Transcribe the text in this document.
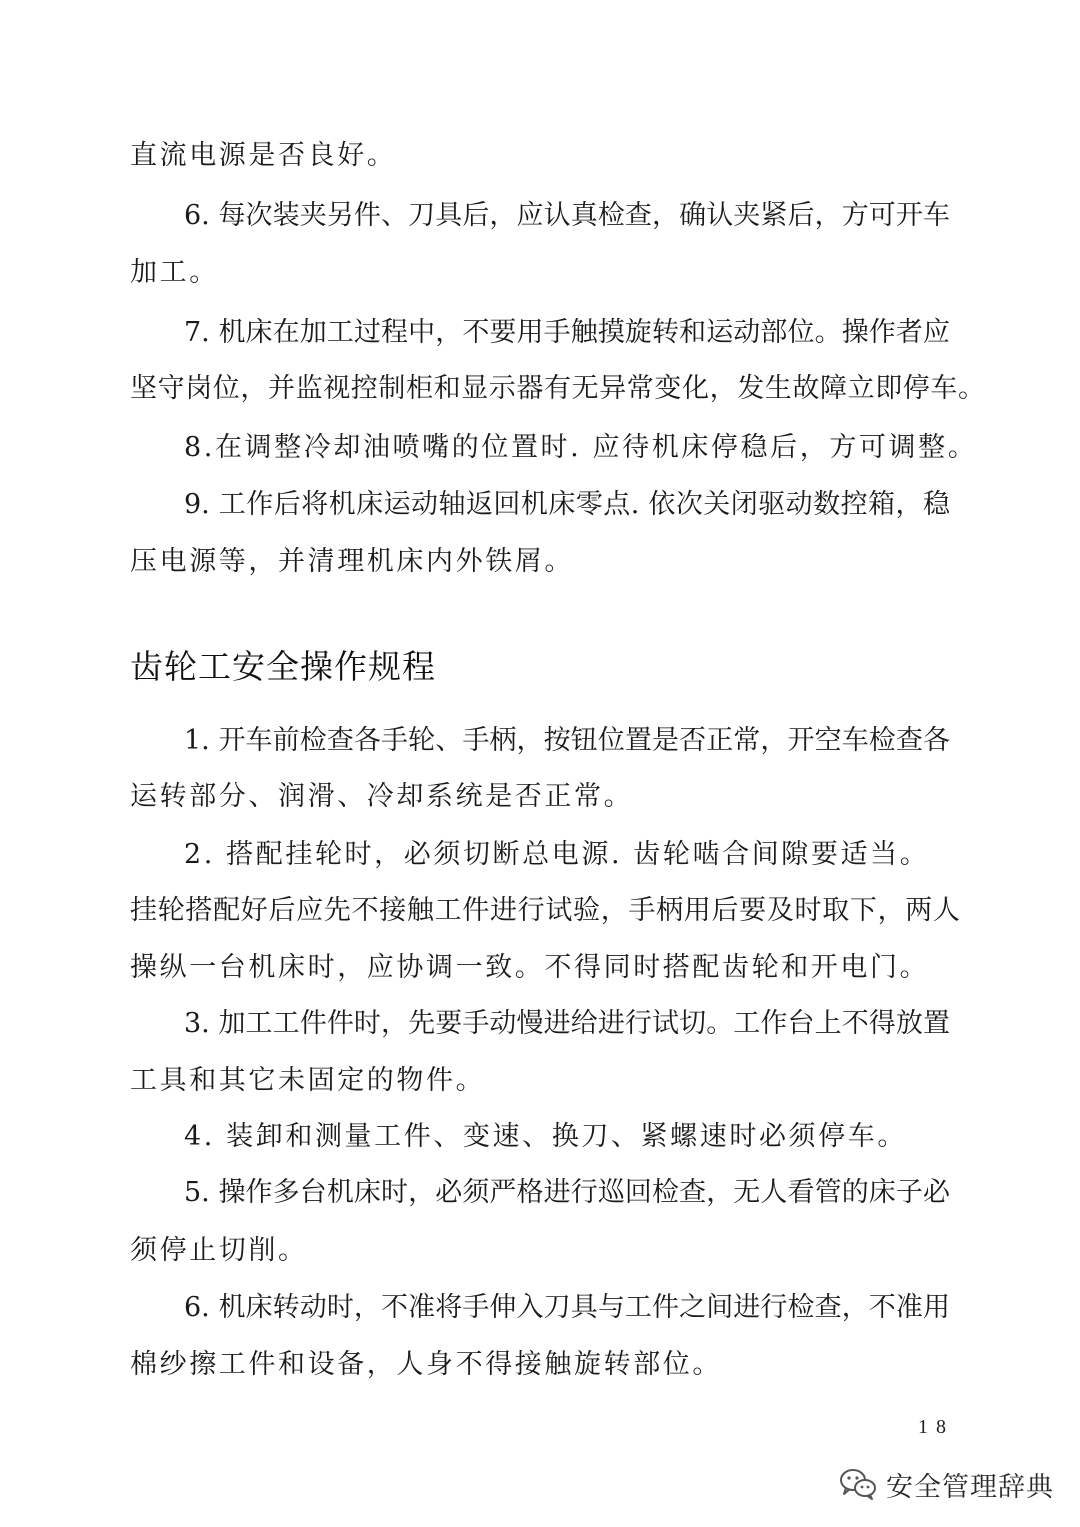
直流电源是否良好。
6. 每次装夹另件、刀具后，应认真检查，确认夹紧后，方可开车
加工。
7. 机床在加工过程中，不要用手触摸旋转和运动部位。操作者应
坚守岗位，并监视控制柜和显示器有无异常变化，发生故障立即停车。
8.在调整冷却油喷嘴的位置时. 应待机床停稳后，方可调整。
9. 工作后将机床运动轴返回机床零点. 依次关闭驱动数控箱，稳
压电源等，并清理机床内外铁屑。
齿轮工安全操作规程
1. 开车前检查各手轮、手柄，按钮位置是否正常，开空车检查各
运转部分、润滑、冷却系统是否正常。
2. 搭配挂轮时，必须切断总电源. 齿轮啮合间隙要适当。
挂轮搭配好后应先不接触工件进行试验，手柄用后要及时取下，两人
操纵一台机床时，应协调一致。不得同时搭配齿轮和开电门。
3. 加工工件件时，先要手动慢进给进行试切。工作台上不得放置
工具和其它未固定的物件。
4. 装卸和测量工件、变速、换刀、紧螺速时必须停车。
5. 操作多台机床时，必须严格进行巡回检查，无人看管的床子必
须停止切削。
6. 机床转动时，不准将手伸入刀具与工件之间进行检查，不准用
棉纱擦工件和设备，人身不得接触旋转部位。
18
安全管理辞典
